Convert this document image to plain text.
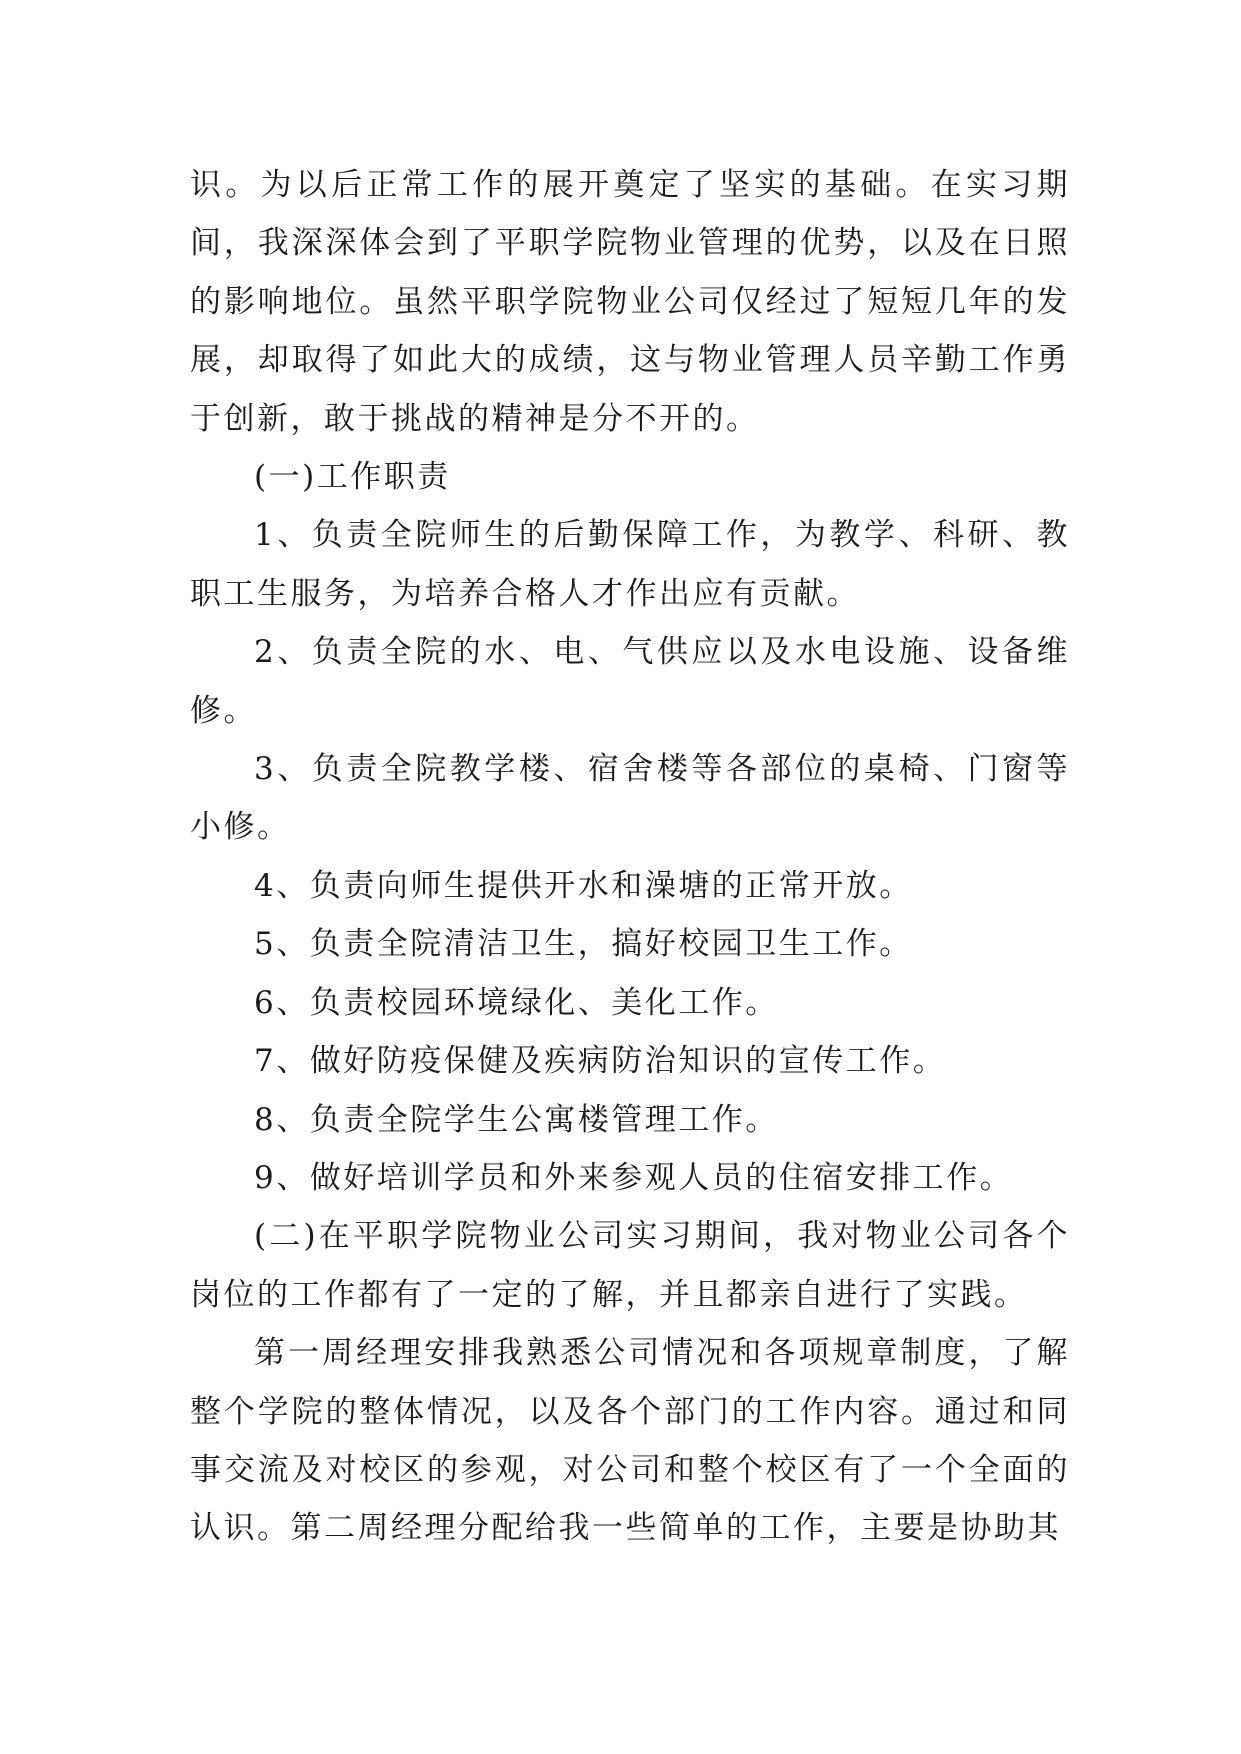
识。为以后正常工作的展开奠定了坚实的基础。在实习期间，我深深体会到了平职学院物业管理的优势，以及在日照的影响地位。虽然平职学院物业公司仅经过了短短几年的发展，却取得了如此大的成绩，这与物业管理人员辛勤工作勇于创新，敢于挑战的精神是分不开的。

(一)工作职责

1、负责全院师生的后勤保障工作，为教学、科研、教职工生服务，为培养合格人才作出应有贡献。

2、负责全院的水、电、气供应以及水电设施、设备维修。

3、负责全院教学楼、宿舍楼等各部位的桌椅、门窗等小修。

4、负责向师生提供开水和澡塘的正常开放。

5、负责全院清洁卫生，搞好校园卫生工作。

6、负责校园环境绿化、美化工作。

7、做好防疫保健及疾病防治知识的宣传工作。

8、负责全院学生公寓楼管理工作。

9、做好培训学员和外来参观人员的住宿安排工作。

(二)在平职学院物业公司实习期间，我对物业公司各个岗位的工作都有了一定的了解，并且都亲自进行了实践。

第一周经理安排我熟悉公司情况和各项规章制度，了解整个学院的整体情况，以及各个部门的工作内容。通过和同事交流及对校区的参观，对公司和整个校区有了一个全面的认识。第二周经理分配给我一些简单的工作，主要是协助其
